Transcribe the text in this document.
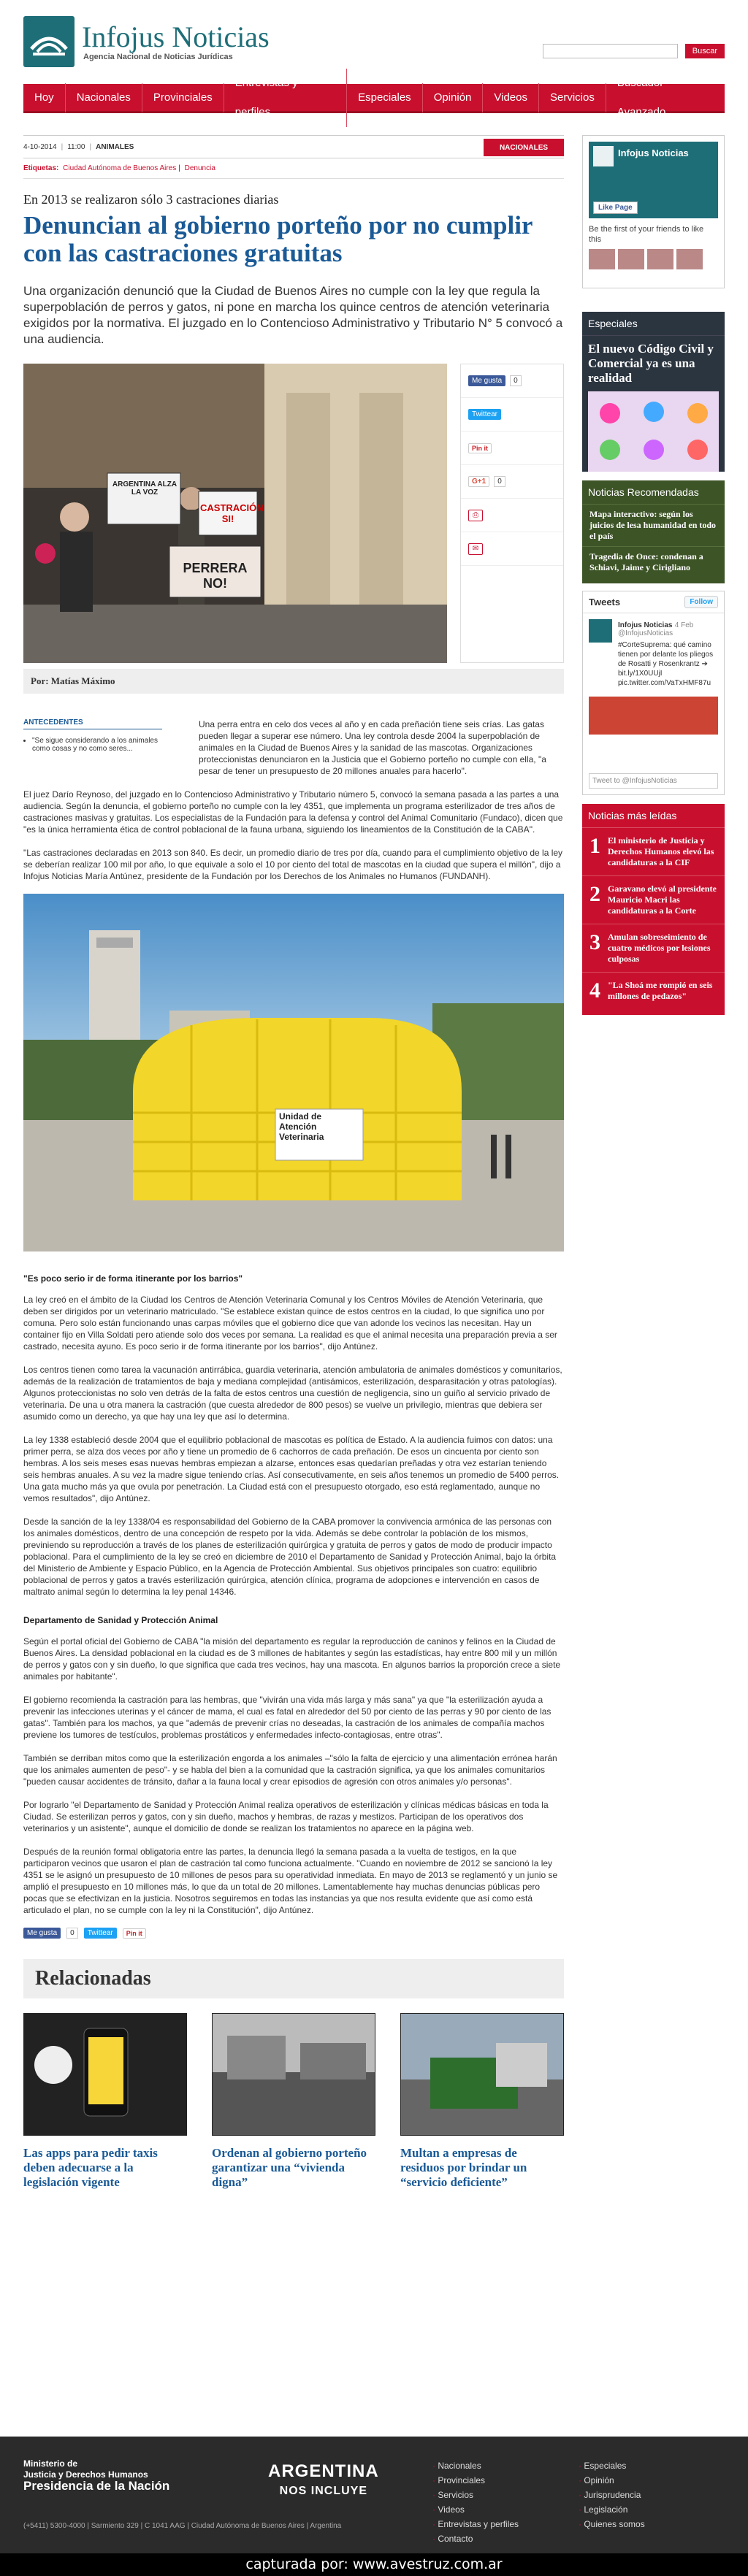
Infojus Noticias
Agencia Nacional de Noticias Jurídicas
Buscar
Hoy	Nacionales	Provinciales
Entrevistas y perfiles
Especiales	Opinión	Videos	Servicios
Buscador Avanzado
4-10-2014 | 11:00 | ANIMALES	NACIONALES
Etiquetas: Ciudad Autónoma de Buenos Aires | Denuncia
En 2013 se realizaron sólo 3 castraciones diarias
Denuncian al gobierno porteño por no cumplir con las castraciones gratuitas

Una organización denunció que la Ciudad de Buenos Aires no cumple con la ley que regula la superpoblación de perros y gatos, ni pone en marcha los quince centros de atención veterinaria exigidos por la normativa. El juzgado en lo Contencioso Administrativo y Tributario N° 5 convocó a una audiencia.

ARGENTINA ALZA LA VOZ
CASTRACIÓN SI!
PERRERA NO!
Me gusta	0
Twittear
Pin it
G+1	0
⎙
✉
Por: Matías Máximo
ANTECEDENTES
• "Se sigue considerando a los animales como cosas y no como seres...

Una perra entra en celo dos veces al año y en cada preñación tiene seis crías. Las gatas pueden llegar a superar ese número. Una ley controla desde 2004 la superpoblación de animales en la Ciudad de Buenos Aires y la sanidad de las mascotas. Organizaciones proteccionistas denunciaron en la Justicia que el Gobierno porteño no cumple con ella, "a pesar de tener un presupuesto de 20 millones anuales para hacerlo".

El juez Darío Reynoso, del juzgado en lo Contencioso Administrativo y Tributario número 5, convocó la semana pasada a las partes a una audiencia. Según la denuncia, el gobierno porteño no cumple con la ley 4351, que implementa un programa esterilizador de tres años de castraciones masivas y gratuitas. Los especialistas de la Fundación para la defensa y control del Animal Comunitario (Fundaco), dicen que "es la única herramienta ética de control poblacional de la fauna urbana, siguiendo los lineamientos de la Constitución de la CABA".

"Las castraciones declaradas en 2013 son 840. Es decir, un promedio diario de tres por día, cuando para el cumplimiento objetivo de la ley se deberían realizar 100 mil por año, lo que equivale a solo el 10 por ciento del total de mascotas en la ciudad que supera el millón", dijo a Infojus Noticias María Antúnez, presidente de la Fundación por los Derechos de los Animales no Humanos (FUNDANH).

Unidad de Atención Veterinaria
"Es poco serio ir de forma itinerante por los barrios"

La ley creó en el ámbito de la Ciudad los Centros de Atención Veterinaria Comunal y los Centros Móviles de Atención Veterinaria, que deben ser dirigidos por un veterinario matriculado. "Se establece existan quince de estos centros en la ciudad, lo que significa uno por comuna. Pero solo están funcionando unas carpas móviles que el gobierno dice que van adonde los vecinos las necesitan. Hay un container fijo en Villa Soldati pero atiende solo dos veces por semana. La realidad es que el animal necesita una preparación previa a ser castrado, necesita ayuno. Es poco serio ir de forma itinerante por los barrios", dijo Antúnez.

Los centros tienen como tarea la vacunación antirrábica, guardia veterinaria, atención ambulatoria de animales domésticos y comunitarios, además de la realización de tratamientos de baja y mediana complejidad (antisámicos, esterilización, desparasitación y otras patologías). Algunos proteccionistas no solo ven detrás de la falta de estos centros una cuestión de negligencia, sino un guiño al servicio privado de veterinaria. De una u otra manera la castración (que cuesta alrededor de 800 pesos) se vuelve un privilegio, mientras que debiera ser asumido como un derecho, ya que hay una ley que así lo determina.

La ley 1338 estableció desde 2004 que el equilibrio poblacional de mascotas es política de Estado. A la audiencia fuimos con datos: una primer perra, se alza dos veces por año y tiene un promedio de 6 cachorros de cada preñación. De esos un cincuenta por ciento son hembras. A los seis meses esas nuevas hembras empiezan a alzarse, entonces esas quedarían preñadas y otra vez estarían teniendo seis hembras anuales. A su vez la madre sigue teniendo crías. Así consecutivamente, en seis años tenemos un promedio de 5400 perros. Una gata mucho más ya que ovula por penetración. La Ciudad está con el presupuesto otorgado, eso está reglamentado, aunque no vemos resultados", dijo Antúnez.

Desde la sanción de la ley 1338/04 es responsabilidad del Gobierno de la CABA promover la convivencia armónica de las personas con los animales domésticos, dentro de una concepción de respeto por la vida. Además se debe controlar la población de los mismos, previniendo su reproducción a través de los planes de esterilización quirúrgica y gratuita de perros y gatos de modo de producir impacto poblacional. Para el cumplimiento de la ley se creó en diciembre de 2010 el Departamento de Sanidad y Protección Animal, bajo la órbita del Ministerio de Ambiente y Espacio Público, en la Agencia de Protección Ambiental. Sus objetivos principales son cuatro: equilibrio poblacional de perros y gatos a través esterilización quirúrgica, atención clínica, programa de adopciones e intervención en casos de maltrato animal según lo determina la ley penal 14346.

Departamento de Sanidad y Protección Animal

Según el portal oficial del Gobierno de CABA "la misión del departamento es regular la reproducción de caninos y felinos en la Ciudad de Buenos Aires. La densidad poblacional en la ciudad es de 3 millones de habitantes y según las estadísticas, hay entre 800 mil y un millón de perros y gatos con y sin dueño, lo que significa que cada tres vecinos, hay una mascota. En algunos barrios la proporción crece a siete animales por habitante".

El gobierno recomienda la castración para las hembras, que "vivirán una vida más larga y más sana" ya que "la esterilización ayuda a prevenir las infecciones uterinas y el cáncer de mama, el cual es fatal en alrededor del 50 por ciento de las perras y 90 por ciento de las gatas". También para los machos, ya que "además de prevenir crías no deseadas, la castración de los animales de compañía machos previene los tumores de testículos, problemas prostáticos y enfermedades infecto-contagiosas, entre otras".

También se derriban mitos como que la esterilización engorda a los animales –"sólo la falta de ejercicio y una alimentación errónea harán que los animales aumenten de peso"- y se habla del bien a la comunidad que la castración significa, ya que los animales comunitarios "pueden causar accidentes de tránsito, dañar a la fauna local y crear episodios de agresión con otros animales y/o personas".

Por lograrlo "el Departamento de Sanidad y Protección Animal realiza operativos de esterilización y clínicas médicas básicas en toda la Ciudad. Se esterilizan perros y gatos, con y sin dueño, machos y hembras, de razas y mestizos. Participan de los operativos dos veterinarios y un asistente", aunque el domicilio de donde se realizan los tratamientos no aparece en la página web.

Después de la reunión formal obligatoria entre las partes, la denuncia llegó la semana pasada a la vuelta de testigos, en la que participaron vecinos que usaron el plan de castración tal como funciona actualmente. "Cuando en noviembre de 2012 se sancionó la ley 4351 se le asignó un presupuesto de 10 millones de pesos para su operatividad inmediata. En mayo de 2013 se reglamentó y un junio se amplió el presupuesto en 10 millones más, lo que da un total de 20 millones. Lamentablemente hay muchas denuncias públicas pero pocas que se efectivizan en la justicia. Nosotros seguiremos en todas las instancias ya que nos resulta evidente que así como está articulado el plan, no se cumple con la ley ni la Constitución", dijo Antúnez.

Me gusta	0	Twittear	Pin it
Relacionadas
Las apps para pedir taxis deben adecuarse a la legislación vigente
Ordenan al gobierno porteño garantizar una “vivienda digna”
Multan a empresas de residuos por brindar un “servicio deficiente”
Infojus Noticias
Like Page
Be the first of your friends to like this
Especiales
El nuevo Código Civil y Comercial ya es una realidad
Noticias Recomendadas
Mapa interactivo: según los juicios de lesa humanidad en todo el país
Tragedia de Once: condenan a Schiavi, Jaime y Cirigliano
Tweets	Follow
Infojus Noticias 4 Feb
@InfojusNoticias
#CorteSuprema: qué camino tienen por delante los pliegos de Rosatti y Rosenkrantz ➔ bit.ly/1X0UUjI pic.twitter.com/VaTxHMF87u
Tweet to @InfojusNoticias
Noticias más leídas
1 El ministerio de Justicia y Derechos Humanos elevó las candidaturas a la CIF
2 Garavano elevó al presidente Mauricio Macri las candidaturas a la Corte
3 Amulan sobreseimiento de cuatro médicos por lesiones culposas
4 "La Shoá me rompió en seis millones de pedazos"
Ministerio de
Justicia y Derechos Humanos
Presidencia de la Nación
(+5411) 5300-4000 | Sarmiento 329 | C 1041 AAG | Ciudad Autónoma de Buenos Aires | Argentina
ARGENTINA
NOS INCLUYE
· Nacionales
· Provinciales
· Servicios
· Videos
· Entrevistas y perfiles
· Contacto
· Especiales
· Opinión
· Jurisprudencia
· Legislación
· Quienes somos
capturada por: www.avestruz.com.ar
